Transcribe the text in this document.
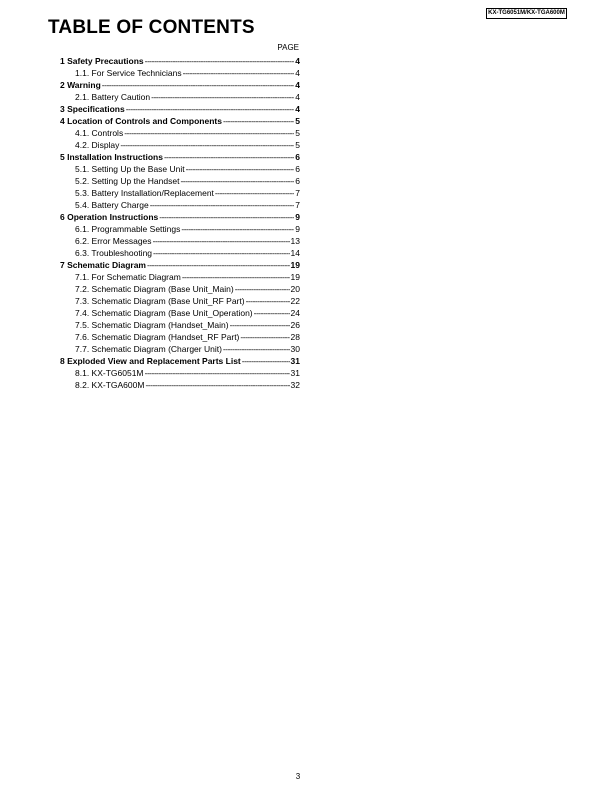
KX-TG6051M/KX-TGA600M
TABLE OF CONTENTS
PAGE
1 Safety Precautions -----	4
1.1. For Service Technicians -----	4
2 Warning -----	4
2.1. Battery Caution -----	4
3 Specifications -----	4
4 Location of Controls and Components -----	5
4.1. Controls -----	5
4.2. Display -----	5
5 Installation Instructions -----	6
5.1. Setting Up the Base Unit -----	6
5.2. Setting Up the Handset -----	6
5.3. Battery Installation/Replacement -----	7
5.4. Battery Charge -----	7
6 Operation Instructions -----	9
6.1. Programmable Settings -----	9
6.2. Error Messages -----	13
6.3. Troubleshooting -----	14
7 Schematic Diagram -----	19
7.1. For Schematic Diagram -----	19
7.2. Schematic Diagram (Base Unit_Main) -----	20
7.3. Schematic Diagram (Base Unit_RF Part) -----	22
7.4. Schematic Diagram (Base Unit_Operation) -----	24
7.5. Schematic Diagram (Handset_Main) -----	26
7.6. Schematic Diagram (Handset_RF Part) -----	28
7.7. Schematic Diagram (Charger Unit) -----	30
8 Exploded View and Replacement Parts List -----	31
8.1. KX-TG6051M -----	31
8.2. KX-TGA600M -----	32
3
